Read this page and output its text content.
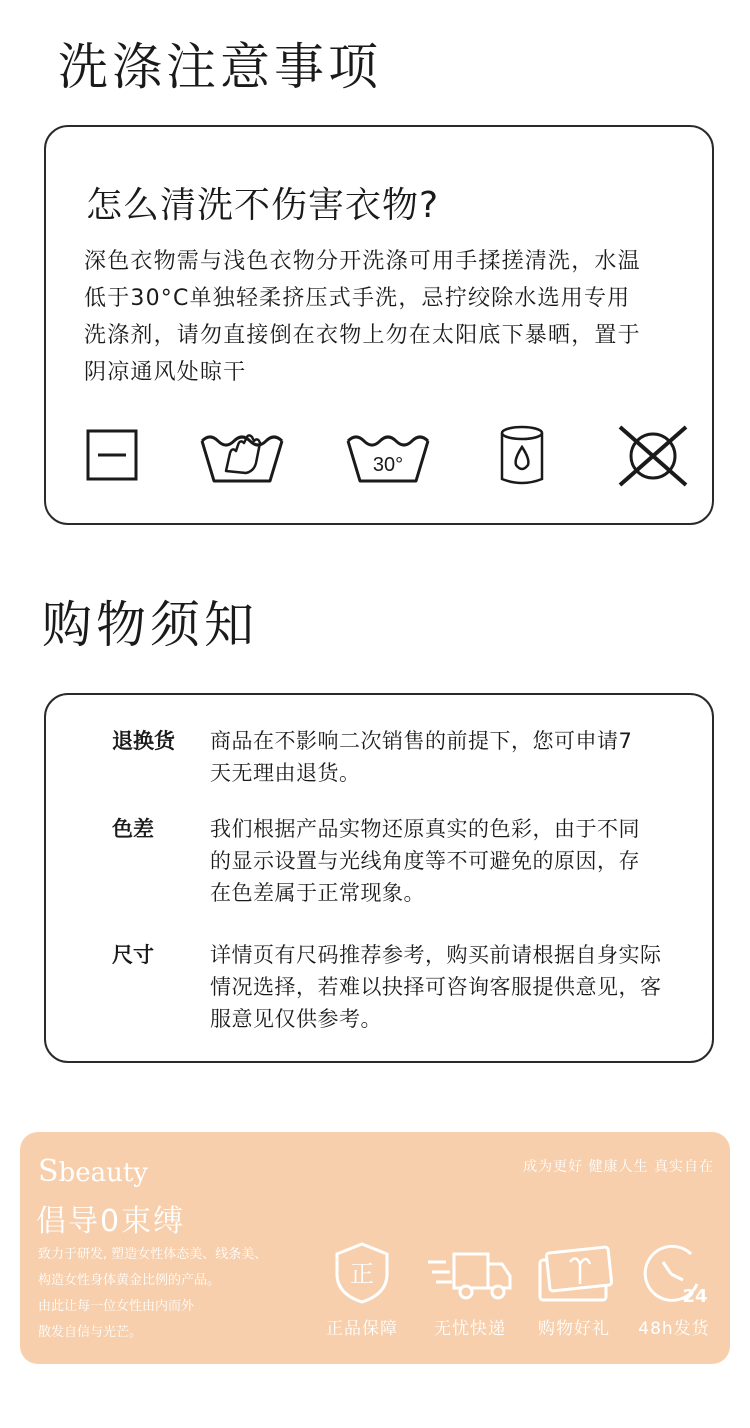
洗涤注意事项
怎么清洗不伤害衣物?
深色衣物需与浅色衣物分开洗涤可用手揉搓清洗，水温
低于30°C单独轻柔挤压式手洗，忌拧绞除水选用专用
洗涤剂，请勿直接倒在衣物上勿在太阳底下暴晒，置于
阴凉通风处晾干
30°
购物须知
退换货 商品在不影响二次销售的前提下，您可申请7
天无理由退货。
色差	我们根据产品实物还原真实的色彩，由于不同
的显示设置与光线角度等不可避免的原因，存
在色差属于正常现象。
尺寸	详情页有尺码推荐参考，购买前请根据自身实际
情况选择，若难以抉择可咨询客服提供意见，客
服意见仅供参考。
Sbeauty	成为更好 健康人生 真实自在
倡导0束缚
致力于研发, 塑造女性体态美、线条美、
构造女性身体黄金比例的产品。
由此让每一位女性由内而外
散发自信与光芒。
正
正品保障	无忧快递	购物好礼
24
48h发货
